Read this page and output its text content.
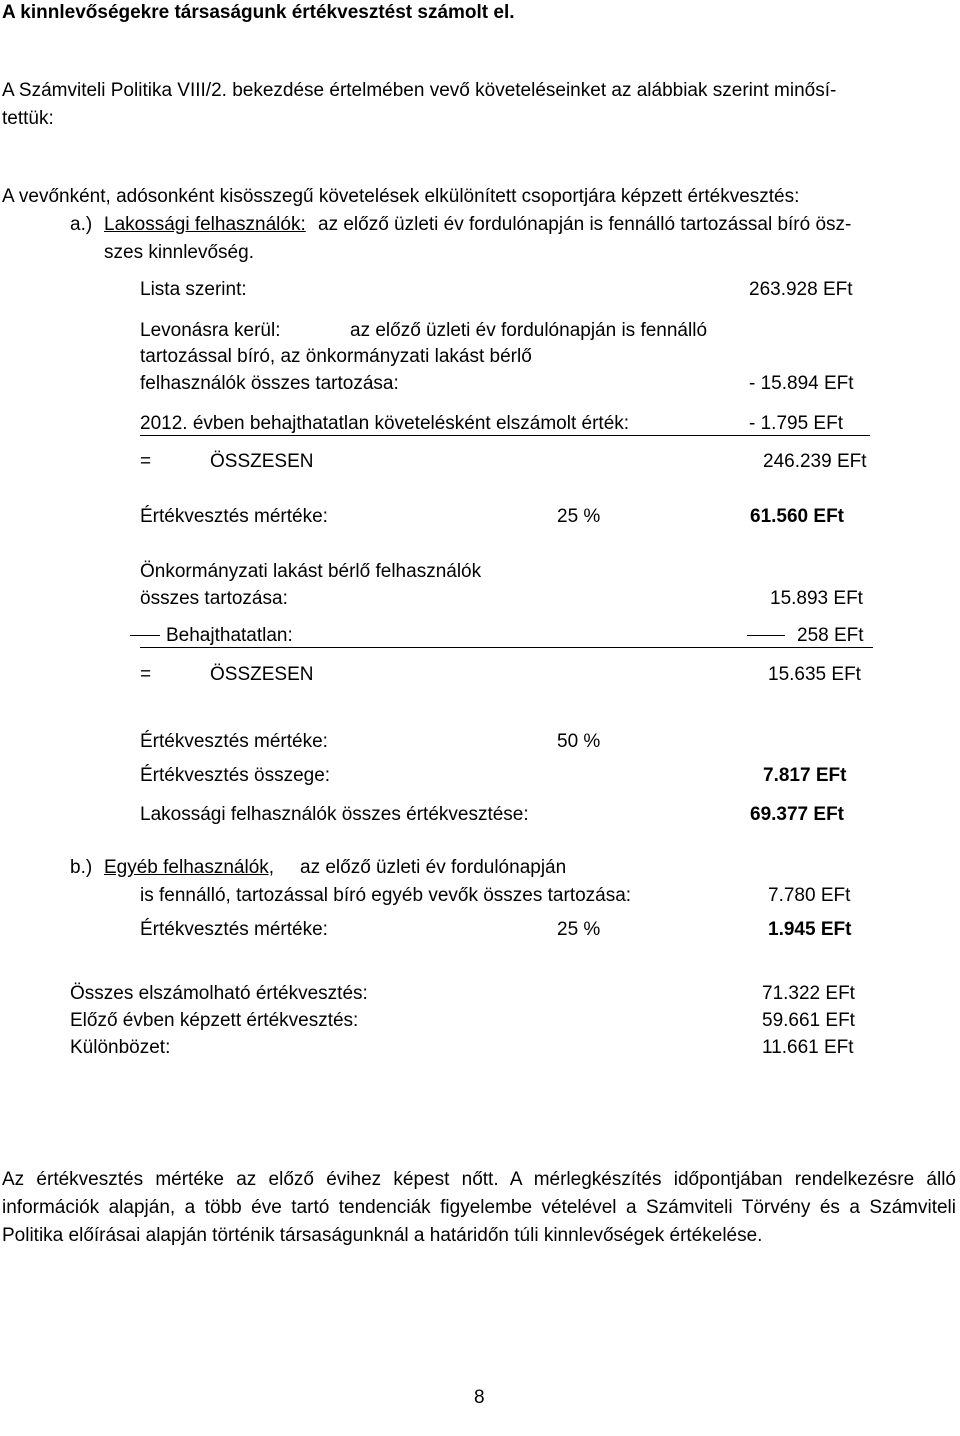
A kinnlevőségekre társaságunk értékvesztést számolt el.
A Számviteli Politika VIII/2. bekezdése értelmében vevő követeléseinket az alábbiak szerint minősí-
tettük:
A vevőnként, adósonként kisösszegű követelések elkülönített csoportjára képzett értékvesztés:
a.) Lakossági felhasználók: az előző üzleti év fordulónapján is fennálló tartozással bíró ösz-
szes kinnlevőség.
Lista szerint:	263.928 EFt
Levonásra kerül:	az előző üzleti év fordulónapján is fennálló
tartozással bíró, az önkormányzati lakást bérlő
felhasználók összes tartozása:	- 15.894 EFt
2012. évben behajthatatlan követelésként elszámolt érték:	- 1.795 EFt
=	ÖSSZESEN	246.239 EFt
Értékvesztés mértéke:	25 %	61.560 EFt
Önkormányzati lakást bérlő felhasználók
összes tartozása:	15.893 EFt
Behajthatatlan:	258 EFt
=	ÖSSZESEN	15.635 EFt
Értékvesztés mértéke:	50 %
Értékvesztés összege:	7.817 EFt
Lakossági felhasználók összes értékvesztése:	69.377 EFt
b.) Egyéb felhasználók, az előző üzleti év fordulónapján
is fennálló, tartozással bíró egyéb vevők összes tartozása:	7.780 EFt
Értékvesztés mértéke:	25 %	1.945 EFt
Összes elszámolható értékvesztés:	71.322 EFt
Előző évben képzett értékvesztés:	59.661 EFt
Különbözet:	11.661 EFt
Az értékvesztés mértéke az előző évihez képest nőtt. A mérlegkészítés időpontjában rendelkezésre álló információk alapján, a több éve tartó tendenciák figyelembe vételével a Számviteli Törvény és a Számviteli Politika előírásai alapján történik társaságunknál a határidőn túli kinnlevőségek értékelése.
8
